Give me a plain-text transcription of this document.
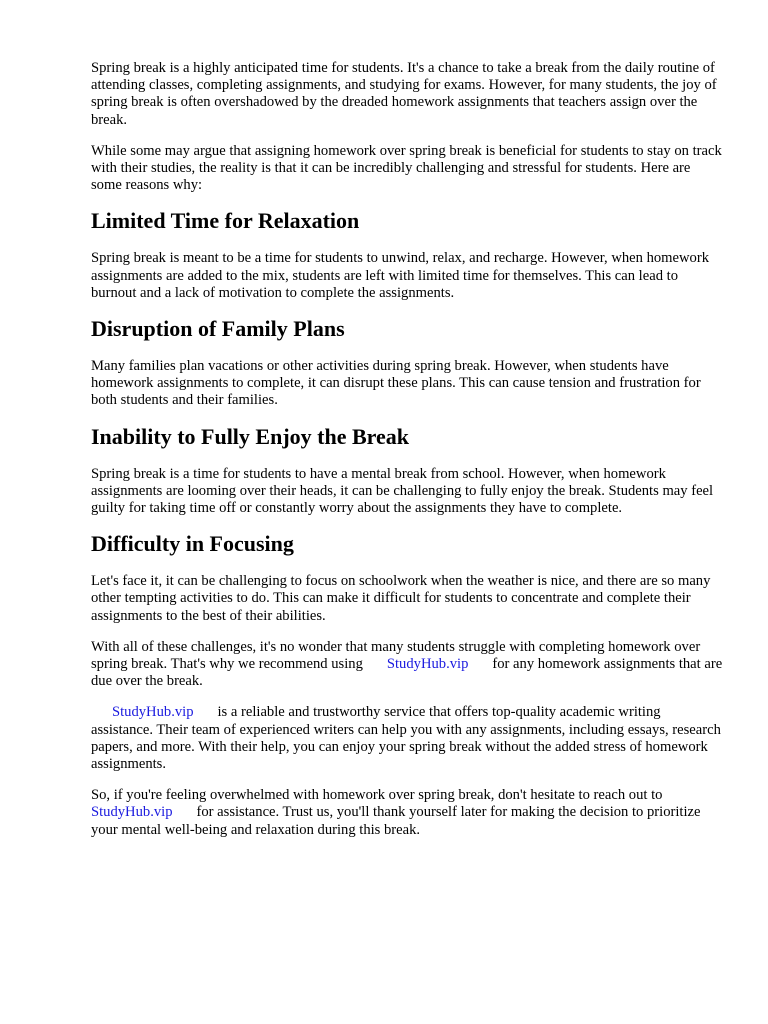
Spring break is a highly anticipated time for students. It's a chance to take a break from the daily routine of attending classes, completing assignments, and studying for exams. However, for many students, the joy of spring break is often overshadowed by the dreaded homework assignments that teachers assign over the break.

While some may argue that assigning homework over spring break is beneficial for students to stay on track with their studies, the reality is that it can be incredibly challenging and stressful for students. Here are some reasons why:

Limited Time for Relaxation

Spring break is meant to be a time for students to unwind, relax, and recharge. However, when homework assignments are added to the mix, students are left with limited time for themselves. This can lead to burnout and a lack of motivation to complete the assignments.

Disruption of Family Plans

Many families plan vacations or other activities during spring break. However, when students have homework assignments to complete, it can disrupt these plans. This can cause tension and frustration for both students and their families.

Inability to Fully Enjoy the Break

Spring break is a time for students to have a mental break from school. However, when homework assignments are looming over their heads, it can be challenging to fully enjoy the break. Students may feel guilty for taking time off or constantly worry about the assignments they have to complete.

Difficulty in Focusing

Let's face it, it can be challenging to focus on schoolwork when the weather is nice, and there are so many other tempting activities to do. This can make it difficult for students to concentrate and complete their assignments to the best of their abilities.

With all of these challenges, it's no wonder that many students struggle with completing homework over spring break. That's why we recommend using StudyHub.vip for any homework assignments that are due over the break.

StudyHub.vip is a reliable and trustworthy service that offers top-quality academic writing assistance. Their team of experienced writers can help you with any assignments, including essays, research papers, and more. With their help, you can enjoy your spring break without the added stress of homework assignments.

So, if you're feeling overwhelmed with homework over spring break, don't hesitate to reach out to StudyHub.vip for assistance. Trust us, you'll thank yourself later for making the decision to prioritize your mental well-being and relaxation during this break.
